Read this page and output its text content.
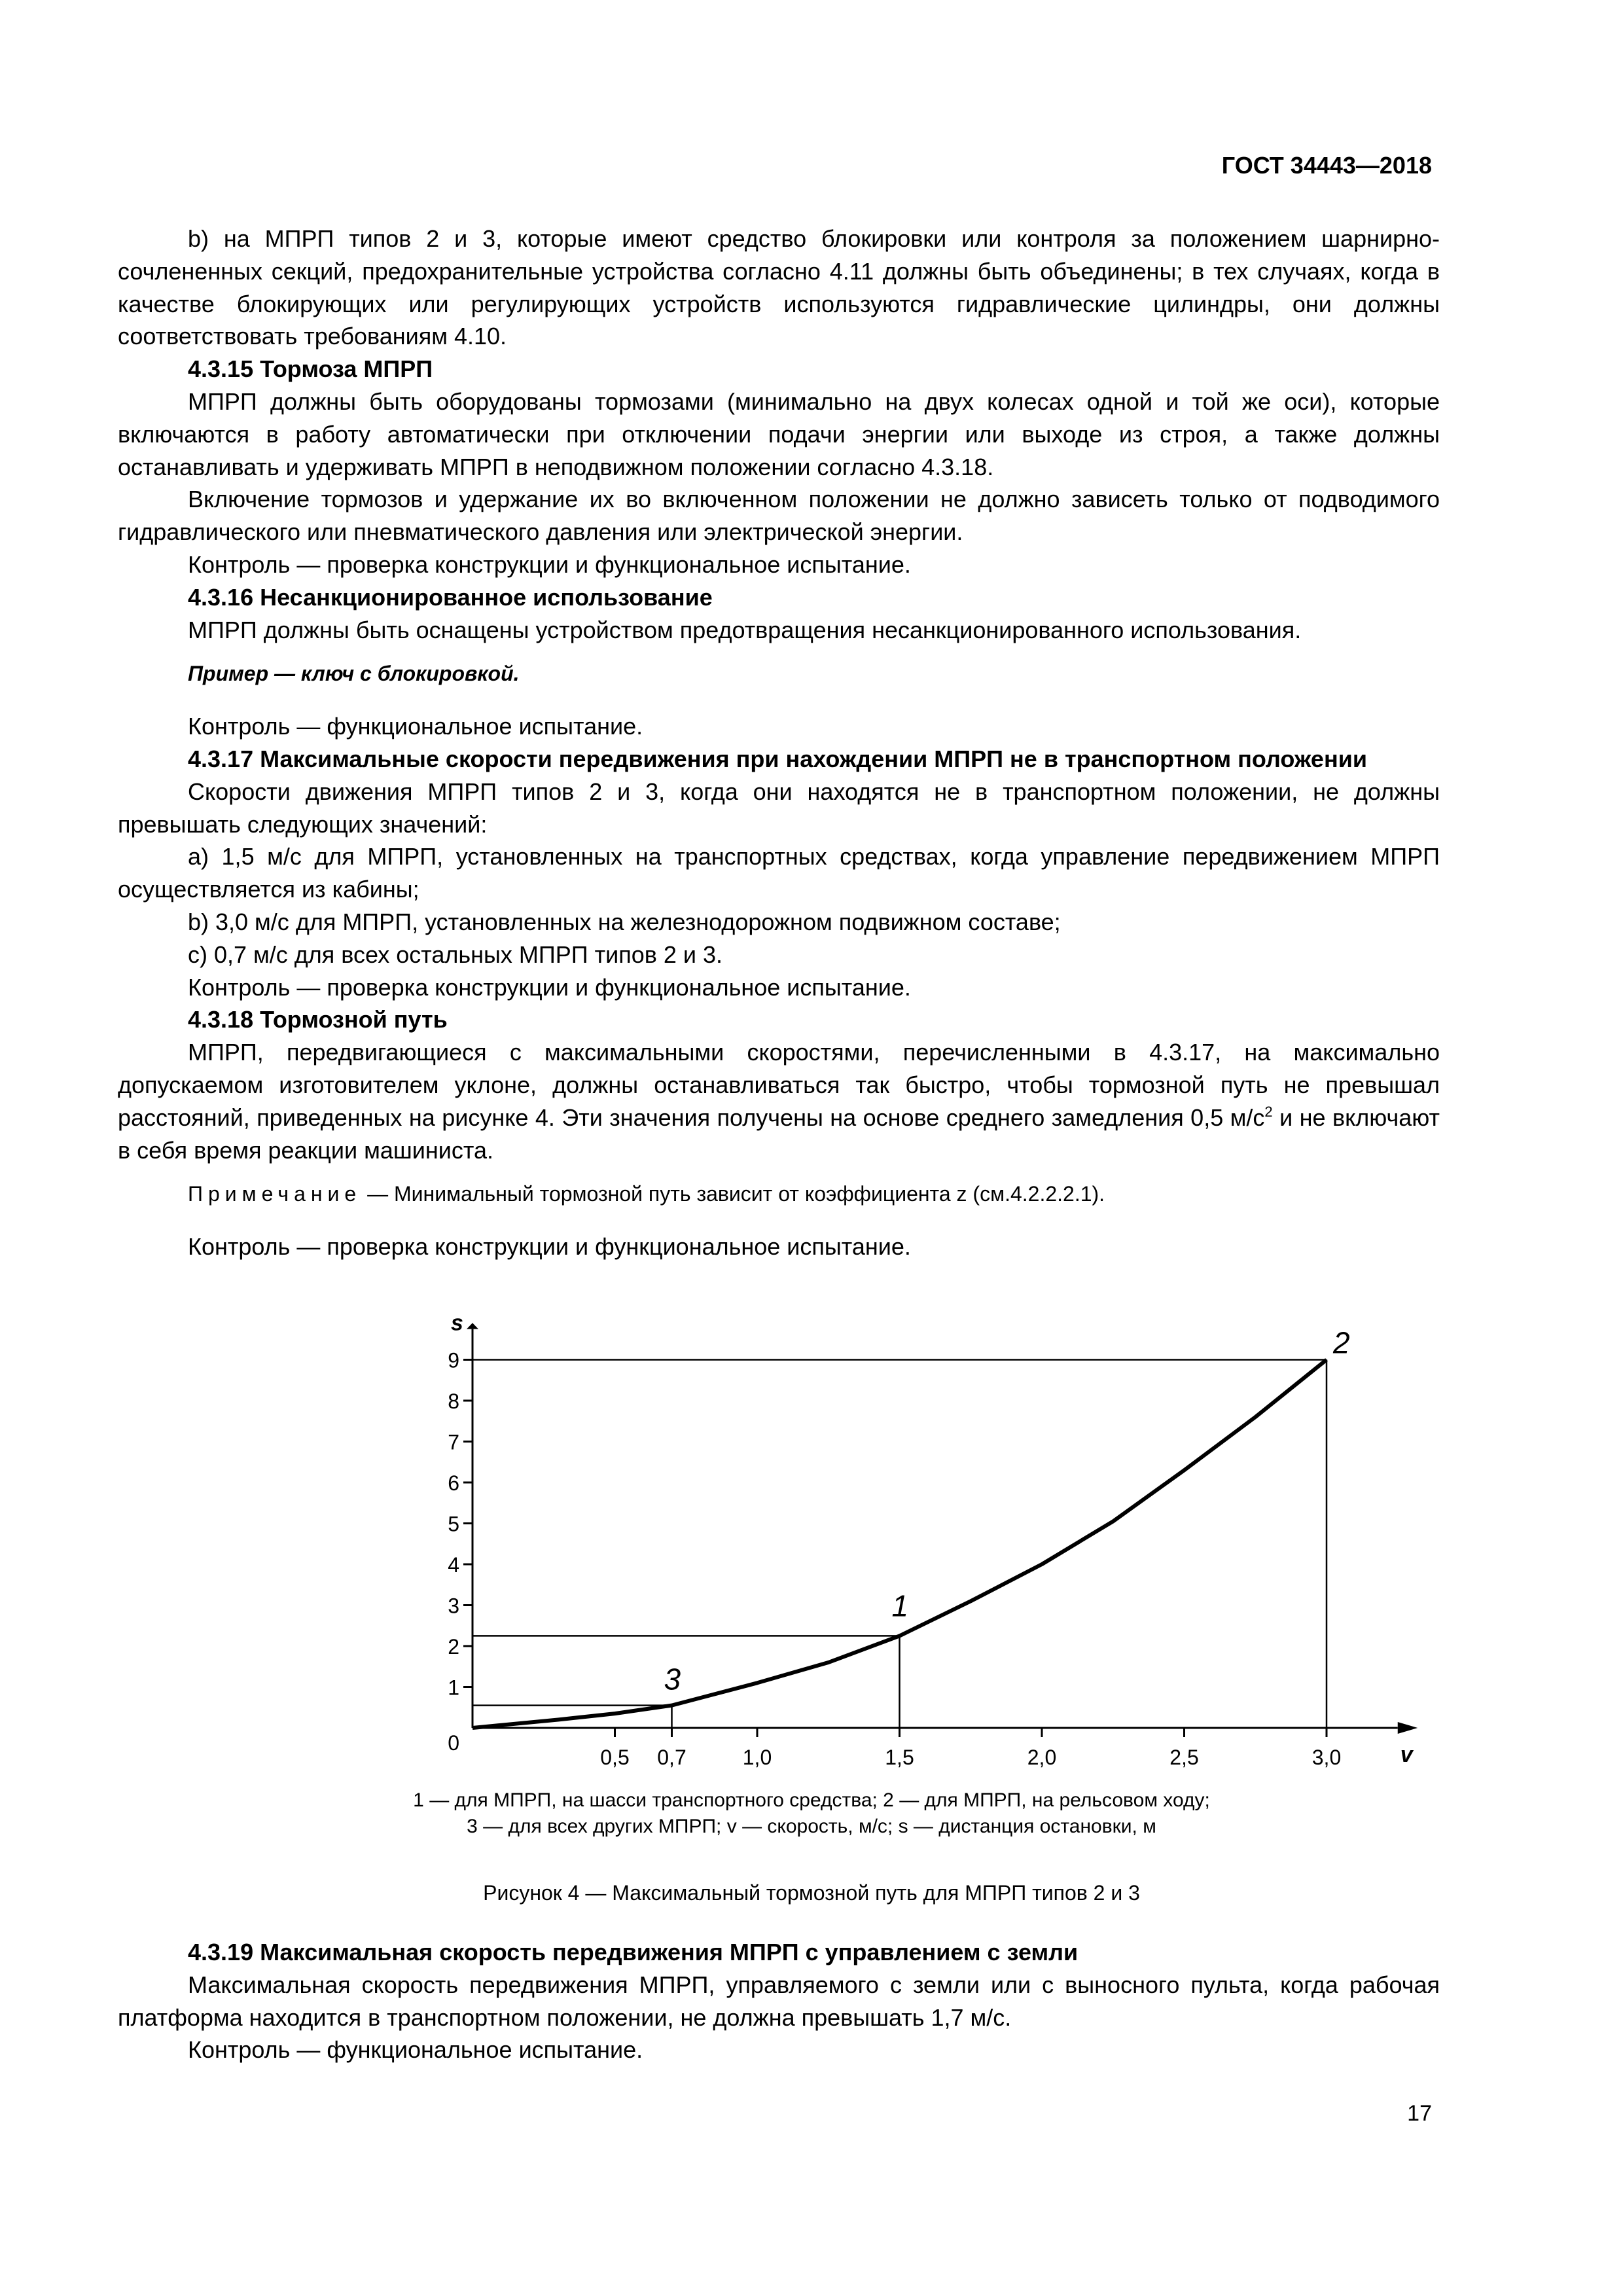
ГОСТ 34443—2018

b) на МПРП типов 2 и 3, которые имеют средство блокировки или контроля за положением шарнирно-сочлененных секций, предохранительные устройства согласно 4.11 должны быть объединены; в тех случаях, когда в качестве блокирующих или регулирующих устройств используются гидравлические цилиндры, они должны соответствовать требованиям 4.10.

4.3.15 Тормоза МПРП

МПРП должны быть оборудованы тормозами (минимально на двух колесах одной и той же оси), которые включаются в работу автоматически при отключении подачи энергии или выходе из строя, а также должны останавливать и удерживать МПРП в неподвижном положении согласно 4.3.18.

Включение тормозов и удержание их во включенном положении не должно зависеть только от подводимого гидравлического или пневматического давления или электрической энергии.

Контроль — проверка конструкции и функциональное испытание.

4.3.16 Несанкционированное использование

МПРП должны быть оснащены устройством предотвращения несанкционированного использования.

Пример — ключ с блокировкой.

Контроль — функциональное испытание.

4.3.17 Максимальные скорости передвижения при нахождении МПРП не в транспортном положении

Скорости движения МПРП типов 2 и 3, когда они находятся не в транспортном положении, не должны превышать следующих значений:

a) 1,5 м/с для МПРП, установленных на транспортных средствах, когда управление передвижением МПРП осуществляется из кабины;

b) 3,0 м/с для МПРП, установленных на железнодорожном подвижном составе;

c) 0,7 м/с для всех остальных МПРП типов 2 и 3.

Контроль — проверка конструкции и функциональное испытание.

4.3.18 Тормозной путь

МПРП, передвигающиеся с максимальными скоростями, перечисленными в 4.3.17, на максимально допускаемом изготовителем уклоне, должны останавливаться так быстро, чтобы тормозной путь не превышал расстояний, приведенных на рисунке 4. Эти значения получены на основе среднего замедления 0,5 $м/с^2$ и не включают в себя время реакции машиниста.

Примечание — Минимальный тормозной путь зависит от коэффициента z (см.4.2.2.2.1).

Контроль — проверка конструкции и функциональное испытание.

s
v
0
1
2
3
4
5
6
7
8
9
0,5 0,7	1,0	1,5	2,0	2,5	3,0
3
1
2
1 — для МПРП, на шасси транспортного средства; 2 — для МПРП, на рельсовом ходу;
3 — для всех других МПРП; v — скорость, м/с; s — дистанция остановки, м
Рисунок 4 — Максимальный тормозной путь для МПРП типов 2 и 3

4.3.19 Максимальная скорость передвижения МПРП с управлением с земли

Максимальная скорость передвижения МПРП, управляемого с земли или с выносного пульта, когда рабочая платформа находится в транспортном положении, не должна превышать 1,7 м/с.

Контроль — функциональное испытание.

17
